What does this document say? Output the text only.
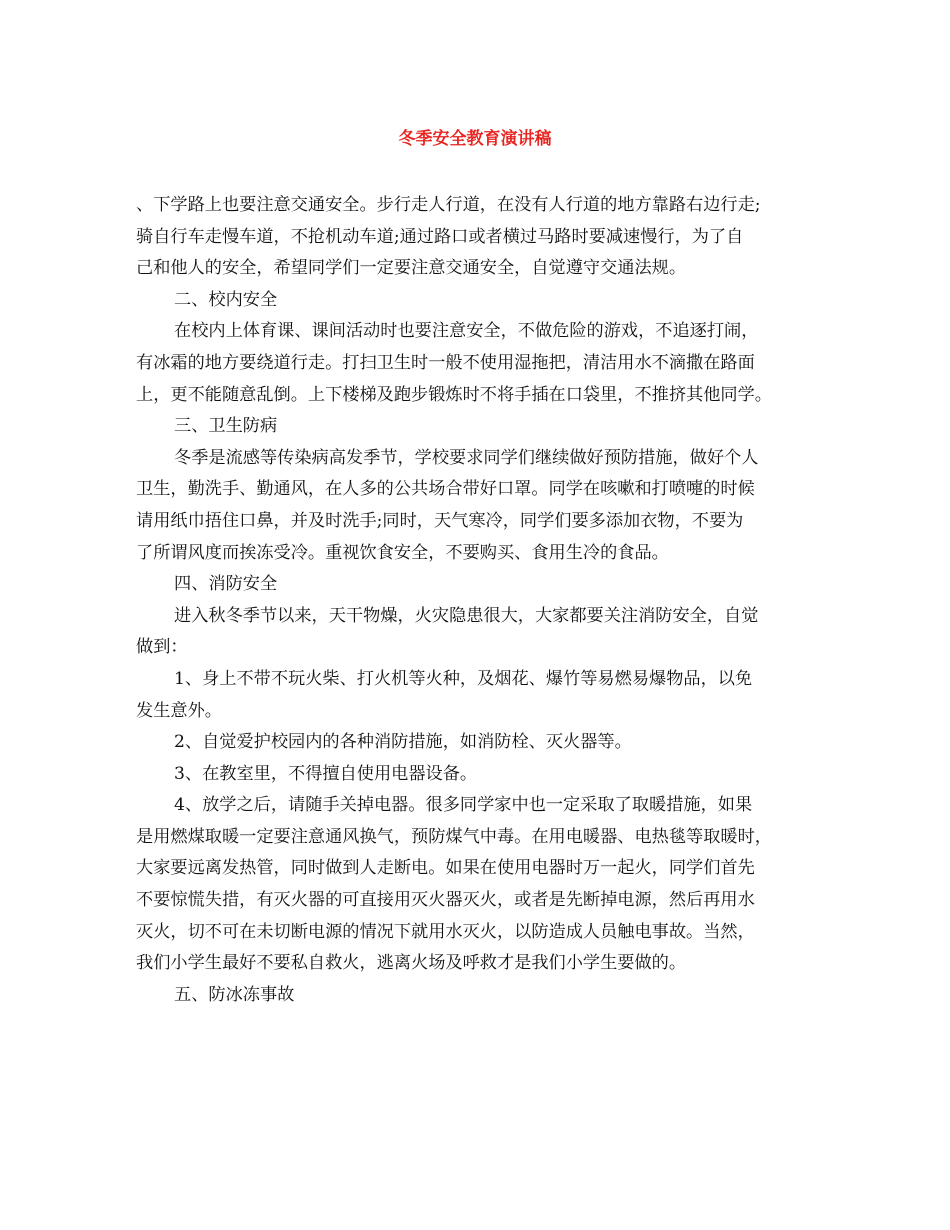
冬季安全教育演讲稿
、下学路上也要注意交通安全。步行走人行道，在没有人行道的地方靠路右边行走;
骑自行车走慢车道，不抢机动车道;通过路口或者横过马路时要减速慢行，为了自
己和他人的安全，希望同学们一定要注意交通安全，自觉遵守交通法规。
二、校内安全
在校内上体育课、课间活动时也要注意安全，不做危险的游戏，不追逐打闹，
有冰霜的地方要绕道行走。打扫卫生时一般不使用湿拖把，清洁用水不滴撒在路面
上，更不能随意乱倒。上下楼梯及跑步锻炼时不将手插在口袋里，不推挤其他同学。
三、卫生防病
冬季是流感等传染病高发季节，学校要求同学们继续做好预防措施，做好个人
卫生，勤洗手、勤通风，在人多的公共场合带好口罩。同学在咳嗽和打喷嚏的时候
请用纸巾捂住口鼻，并及时洗手;同时，天气寒冷，同学们要多添加衣物，不要为
了所谓风度而挨冻受冷。重视饮食安全，不要购买、食用生冷的食品。
四、消防安全
进入秋冬季节以来，天干物燥，火灾隐患很大，大家都要关注消防安全，自觉
做到：
1、身上不带不玩火柴、打火机等火种，及烟花、爆竹等易燃易爆物品，以免
发生意外。
2、自觉爱护校园内的各种消防措施，如消防栓、灭火器等。
3、在教室里，不得擅自使用电器设备。
4、放学之后，请随手关掉电器。很多同学家中也一定采取了取暖措施，如果
是用燃煤取暖一定要注意通风换气，预防煤气中毒。在用电暖器、电热毯等取暖时，
大家要远离发热管，同时做到人走断电。如果在使用电器时万一起火，同学们首先
不要惊慌失措，有灭火器的可直接用灭火器灭火，或者是先断掉电源，然后再用水
灭火，切不可在未切断电源的情况下就用水灭火，以防造成人员触电事故。当然，
我们小学生最好不要私自救火，逃离火场及呼救才是我们小学生要做的。
五、防冰冻事故
